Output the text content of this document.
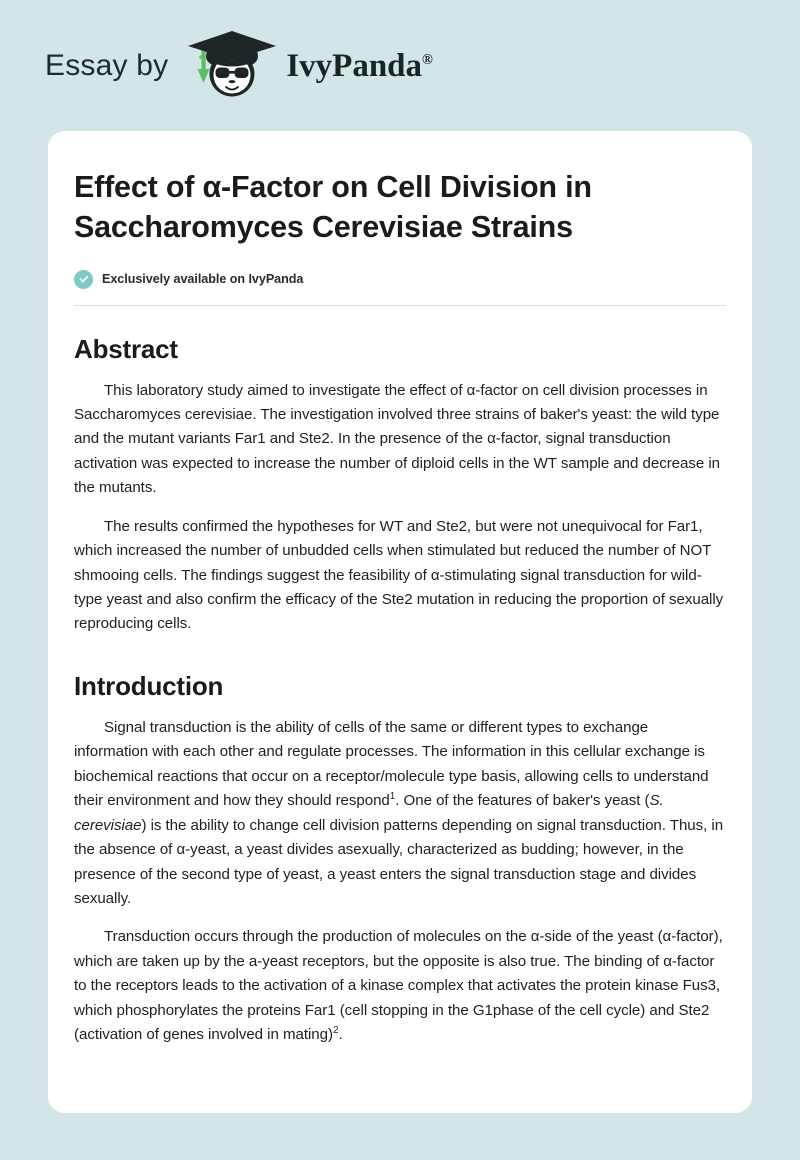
Essay by	IvyPanda®
Effect of α-Factor on Cell Division in Saccharomyces Cerevisiae Strains
Exclusively available on IvyPanda
Abstract

This laboratory study aimed to investigate the effect of α-factor on cell division processes in Saccharomyces cerevisiae. The investigation involved three strains of baker's yeast: the wild type and the mutant variants Far1 and Ste2. In the presence of the α-factor, signal transduction activation was expected to increase the number of diploid cells in the WT sample and decrease in the mutants.

The results confirmed the hypotheses for WT and Ste2, but were not unequivocal for Far1, which increased the number of unbudded cells when stimulated but reduced the number of NOT shmooing cells. The findings suggest the feasibility of α-stimulating signal transduction for wild-type yeast and also confirm the efficacy of the Ste2 mutation in reducing the proportion of sexually reproducing cells.

Introduction

Signal transduction is the ability of cells of the same or different types to exchange information with each other and regulate processes. The information in this cellular exchange is biochemical reactions that occur on a receptor/molecule type basis, allowing cells to understand their environment and how they should respond$^1$. One of the features of baker's yeast (S. cerevisiae) is the ability to change cell division patterns depending on signal transduction. Thus, in the absence of α-yeast, a yeast divides asexually, characterized as budding; however, in the presence of the second type of yeast, a yeast enters the signal transduction stage and divides sexually.

Transduction occurs through the production of molecules on the α-side of the yeast (α-factor), which are taken up by the a-yeast receptors, but the opposite is also true. The binding of α-factor to the receptors leads to the activation of a kinase complex that activates the protein kinase Fus3, which phosphorylates the proteins Far1 (cell stopping in the G1phase of the cell cycle) and Ste2 (activation of genes involved in mating)$^2$.
